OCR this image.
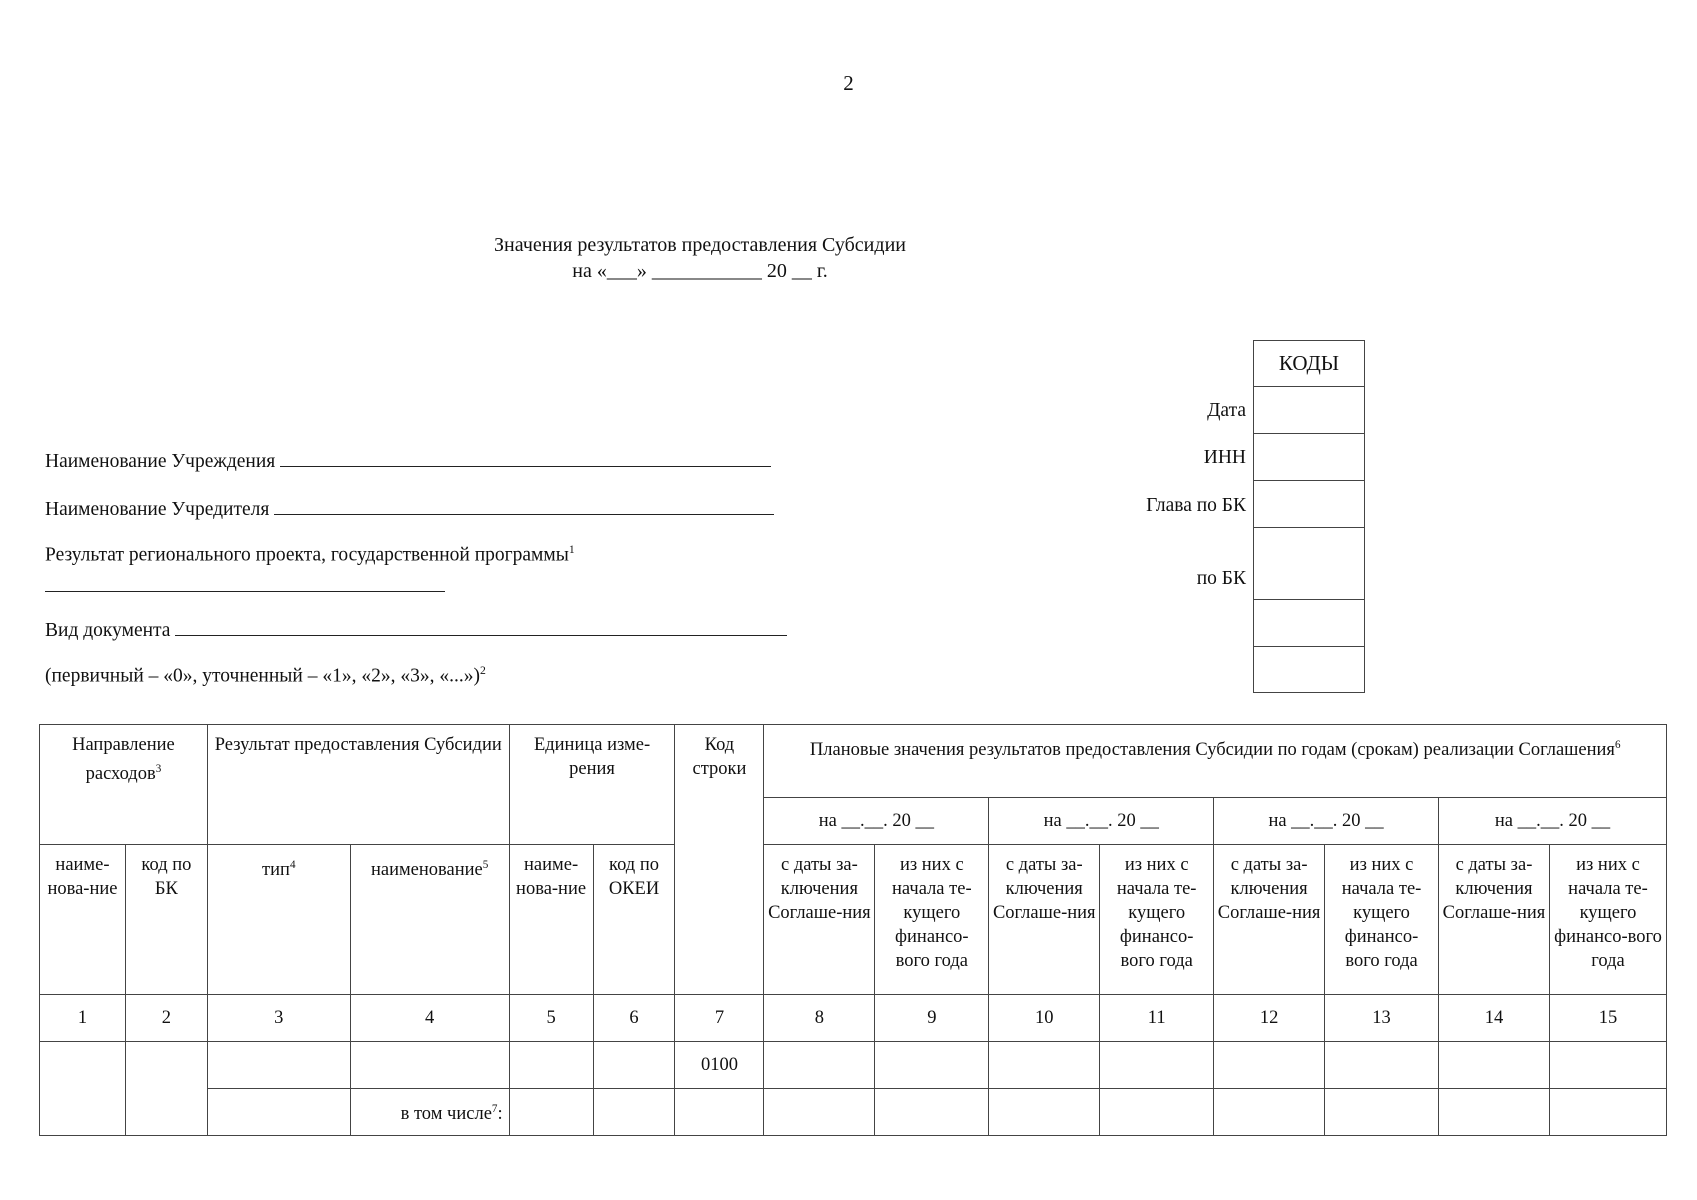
2
Значения результатов предоставления Субсидии
на «___» ___________ 20 __ г.
Наименование Учреждения
Наименование Учредителя
Результат регионального проекта, государственной программы$^1$
Вид документа
(первичный – «0», уточненный – «1», «2», «3», «...»)$^2$
Дата
ИНН
Глава по БК
по БК
КОДЫ
Направление расходов$^3$		Результат предоставления Субсидии		Единица изме-рения		Код строки	Плановые значения результатов предоставления Субсидии по годам (срокам) реализации Соглашения$^6$
							на __.__. 20 __		на __.__. 20 __		на __.__. 20 __		на __.__. 20 __	
наиме-нова-ние	код по БК	тип$^4$	наименование$^5$	наиме-нова-ние	код по ОКЕИ		с даты за-ключения Соглаше-ния	из них с начала те-кущего финансо-вого года	с даты за-ключения Соглаше-ния	из них с начала те-кущего финансо-вого года	с даты за-ключения Соглаше-ния	из них с начала те-кущего финансо-вого года	с даты за-ключения Соглаше-ния	из них с начала те-кущего финансо-вого года
1	2	3	4	5	6	7	8	9	10	11	12	13	14	15
						0100								
			в том числе$^7$:											
